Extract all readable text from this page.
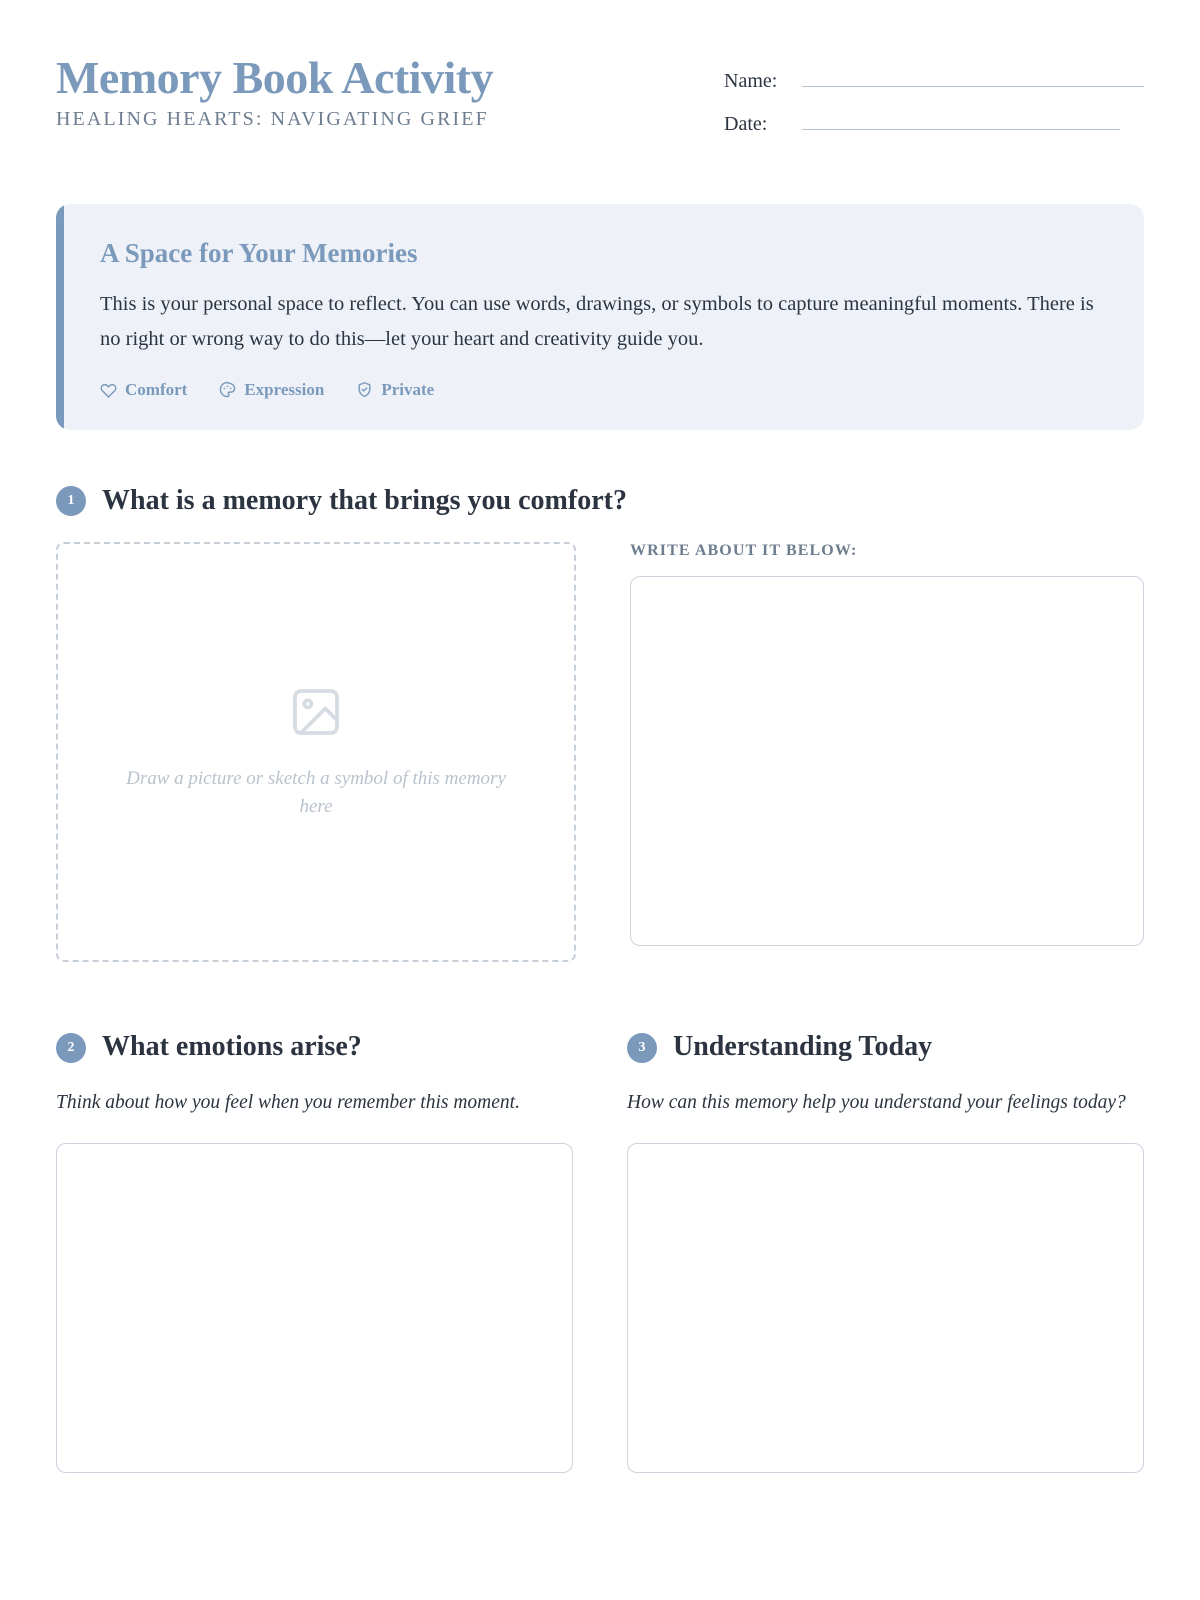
Memory Book Activity
HEALING HEARTS: NAVIGATING GRIEF
Name:
Date:
A Space for Your Memories

This is your personal space to reflect. You can use words, drawings, or symbols to capture meaningful moments. There is no right or wrong way to do this—let your heart and creativity guide you.

Comfort	Expression	Private
1 What is a memory that brings you comfort?
Draw a picture or sketch a symbol of this memory here
WRITE ABOUT IT BELOW:
2 What emotions arise?

Think about how you feel when you remember this moment.

3 Understanding Today

How can this memory help you understand your feelings today?
